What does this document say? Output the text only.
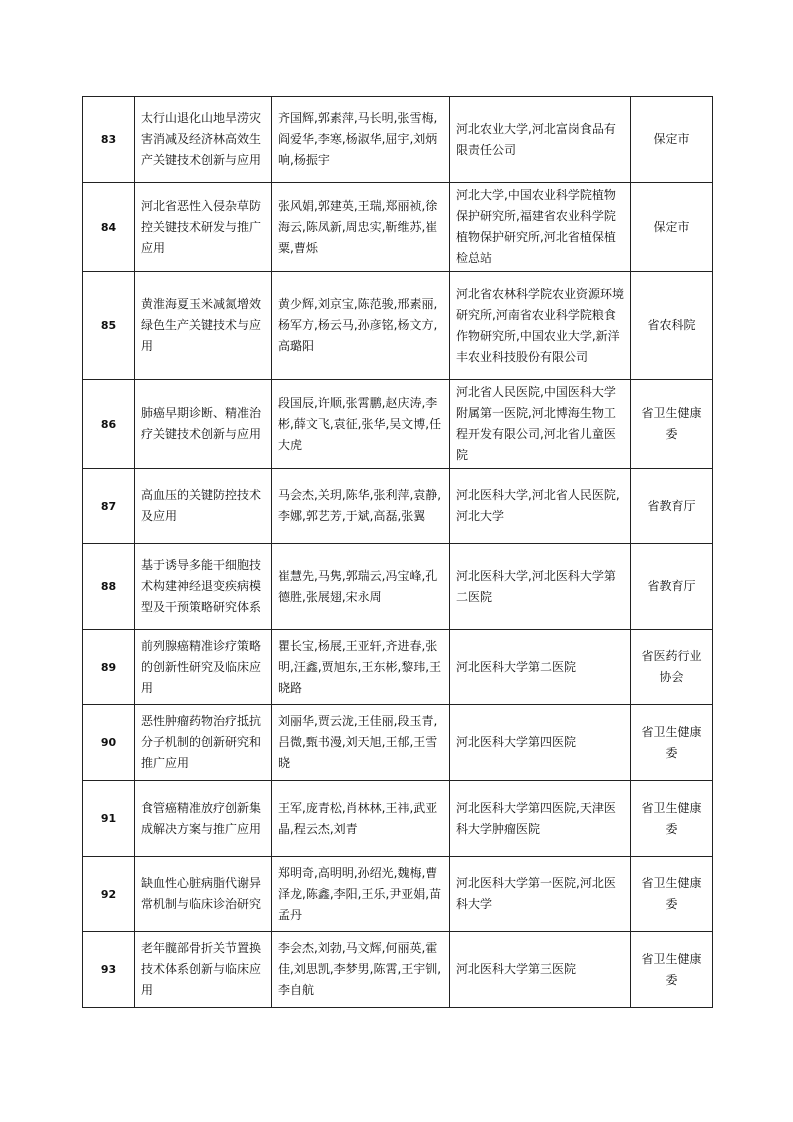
83	太行山退化山地旱涝灾害消减及经济林高效生产关键技术创新与应用	齐国辉,郭素萍,马长明,张雪梅,阎爱华,李寒,杨淑华,屈宇,刘炳响,杨振宇	河北农业大学,河北富岗食品有限责任公司	保定市
84	河北省恶性入侵杂草防控关键技术研发与推广应用	张风娟,郭建英,王瑞,郑丽祯,徐海云,陈凤新,周忠实,靳维苏,崔粟,曹烁	河北大学,中国农业科学院植物保护研究所,福建省农业科学院植物保护研究所,河北省植保植检总站	保定市
85	黄淮海夏玉米减氮增效绿色生产关键技术与应用	黄少辉,刘京宝,陈范骏,邢素丽,杨军方,杨云马,孙彦铭,杨文方,高璐阳	河北省农林科学院农业资源环境研究所,河南省农业科学院粮食作物研究所,中国农业大学,新洋丰农业科技股份有限公司	省农科院
86	肺癌早期诊断、精准治疗关键技术创新与应用	段国辰,许顺,张霄鹏,赵庆涛,李彬,薛文飞,袁征,张华,吴文博,任大虎	河北省人民医院,中国医科大学附属第一医院,河北博海生物工程开发有限公司,河北省儿童医院	省卫生健康委
87	高血压的关键防控技术及应用	马会杰,关玥,陈华,张利萍,袁静,李娜,郭艺芳,于斌,高磊,张翼	河北医科大学,河北省人民医院,河北大学	省教育厅
88	基于诱导多能干细胞技术构建神经退变疾病模型及干预策略研究体系	崔慧先,马隽,郭瑞云,冯宝峰,孔德胜,张展翅,宋永周	河北医科大学,河北医科大学第二医院	省教育厅
89	前列腺癌精准诊疗策略的创新性研究及临床应用	瞿长宝,杨展,王亚轩,齐进春,张明,汪鑫,贾旭东,王东彬,黎玮,王晓路	河北医科大学第二医院	省医药行业协会
90	恶性肿瘤药物治疗抵抗分子机制的创新研究和推广应用	刘丽华,贾云泷,王佳丽,段玉青,吕微,甄书漫,刘天旭,王郁,王雪晓	河北医科大学第四医院	省卫生健康委
91	食管癌精准放疗创新集成解决方案与推广应用	王军,庞青松,肖林林,王祎,武亚晶,程云杰,刘青	河北医科大学第四医院,天津医科大学肿瘤医院	省卫生健康委
92	缺血性心脏病脂代谢异常机制与临床诊治研究	郑明奇,高明明,孙绍光,魏梅,曹泽龙,陈鑫,李阳,王乐,尹亚娟,苗孟丹	河北医科大学第一医院,河北医科大学	省卫生健康委
93	老年髋部骨折关节置换技术体系创新与临床应用	李会杰,刘勃,马文辉,何丽英,霍佳,刘思凯,李梦男,陈霄,王宇钏,李自航	河北医科大学第三医院	省卫生健康委
